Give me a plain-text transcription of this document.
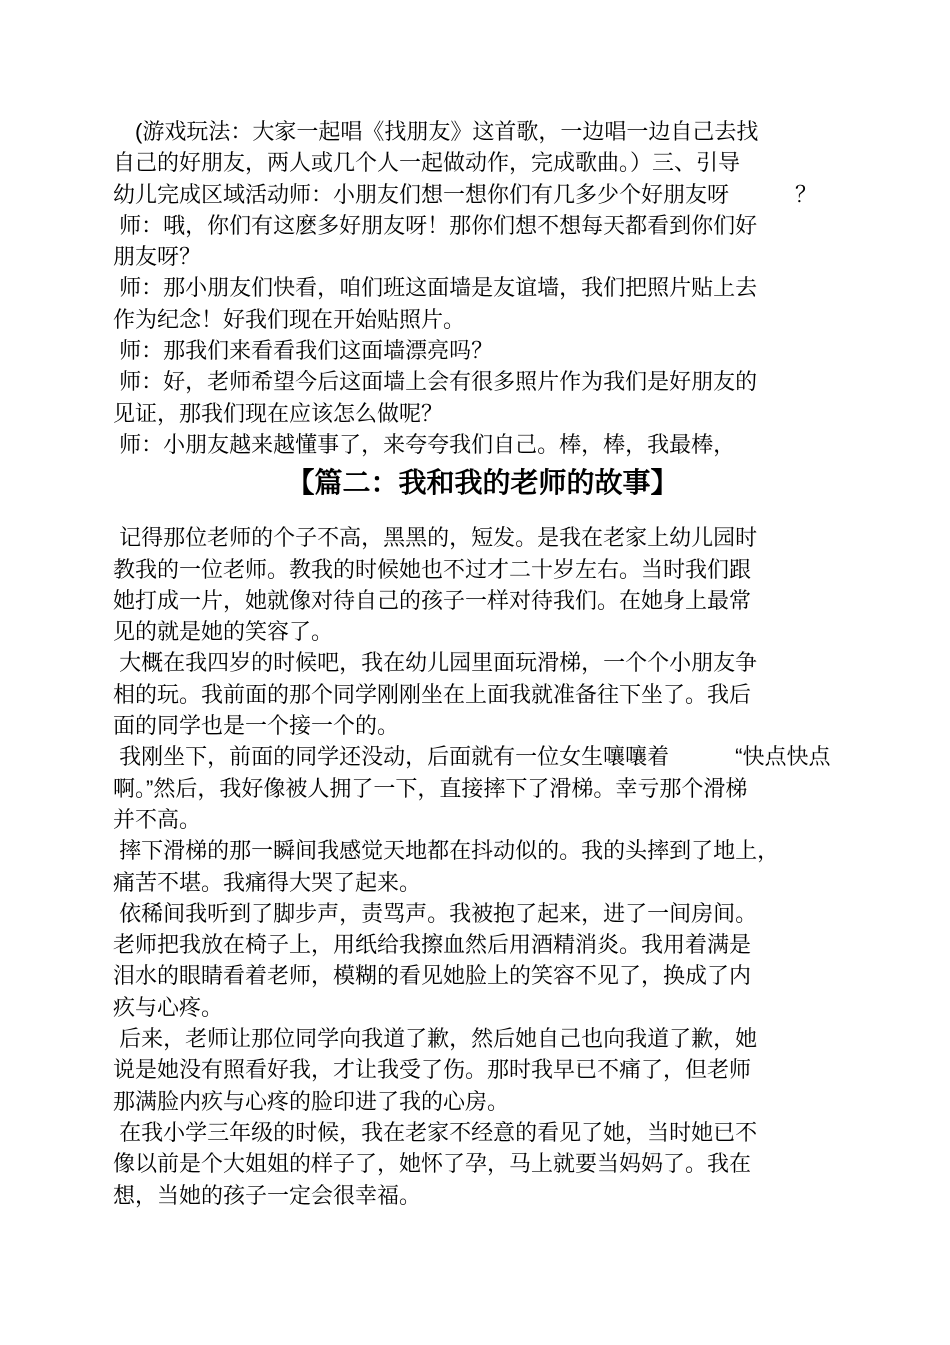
　(游戏玩法：大家一起唱《找朋友》这首歌，一边唱一边自己去找
自己的好朋友，两人或几个人一起做动作，完成歌曲。）三、引导
幼儿完成区域活动师：小朋友们想一想你们有几多少个好朋友呀　　　？
师：哦，你们有这麽多好朋友呀！那你们想不想每天都看到你们好
朋友呀？
师：那小朋友们快看，咱们班这面墙是友谊墙，我们把照片贴上去
作为纪念！好我们现在开始贴照片。
师：那我们来看看我们这面墙漂亮吗？
师：好，老师希望今后这面墙上会有很多照片作为我们是好朋友的
见证，那我们现在应该怎么做呢？
师：小朋友越来越懂事了，来夸夸我们自己。棒，棒，我最棒，
【篇二：我和我的老师的故事】
记得那位老师的个子不高，黑黑的，短发。是我在老家上幼儿园时
教我的一位老师。教我的时候她也不过才二十岁左右。当时我们跟
她打成一片，她就像对待自己的孩子一样对待我们。在她身上最常
见的就是她的笑容了。
大概在我四岁的时候吧，我在幼儿园里面玩滑梯，一个个小朋友争
相的玩。我前面的那个同学刚刚坐在上面我就准备往下坐了。我后
面的同学也是一个接一个的。
我刚坐下，前面的同学还没动，后面就有一位女生嚷嚷着　　　“快点快点
啊。”然后，我好像被人拥了一下，直接摔下了滑梯。幸亏那个滑梯
并不高。
摔下滑梯的那一瞬间我感觉天地都在抖动似的。我的头摔到了地上，
痛苦不堪。我痛得大哭了起来。
依稀间我听到了脚步声，责骂声。我被抱了起来，进了一间房间。
老师把我放在椅子上，用纸给我擦血然后用酒精消炎。我用着满是
泪水的眼睛看着老师，模糊的看见她脸上的笑容不见了，换成了内
疚与心疼。
后来，老师让那位同学向我道了歉，然后她自己也向我道了歉，她
说是她没有照看好我，才让我受了伤。那时我早已不痛了，但老师
那满脸内疚与心疼的脸印进了我的心房。
在我小学三年级的时候，我在老家不经意的看见了她，当时她已不
像以前是个大姐姐的样子了，她怀了孕，马上就要当妈妈了。我在
想，当她的孩子一定会很幸福。
